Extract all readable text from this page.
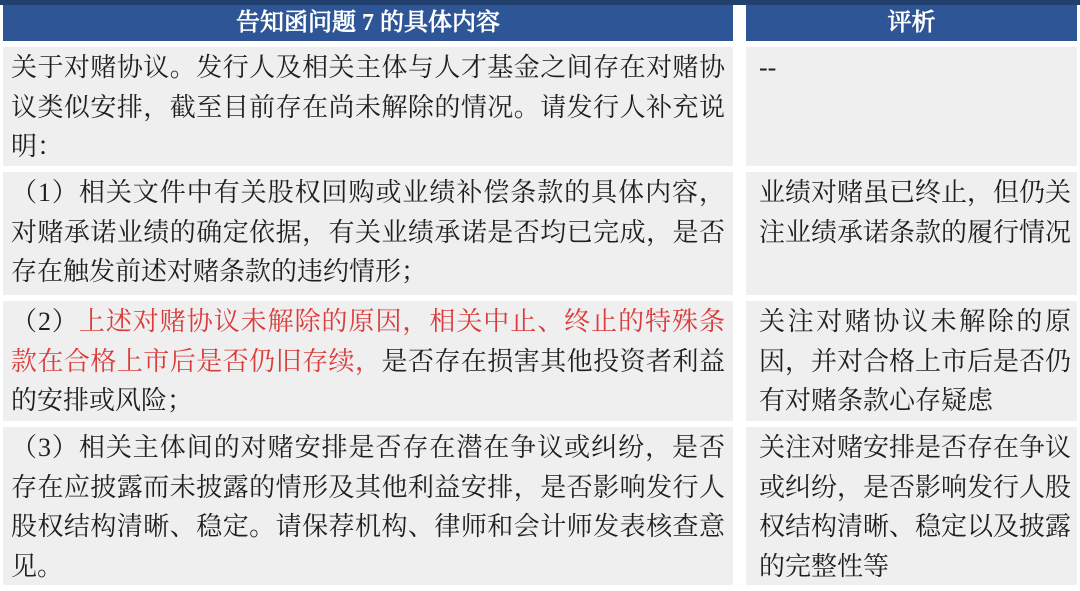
告知函问题 7 的具体内容	评析
关于对赌协议。发行人及相关主体与人才基金之间存在对赌协议类似安排，截至目前存在尚未解除的情况。请发行人补充说明：
--
（1）相关文件中有关股权回购或业绩补偿条款的具体内容，对赌承诺业绩的确定依据，有关业绩承诺是否均已完成，是否存在触发前述对赌条款的违约情形；
业绩对赌虽已终止，但仍关注业绩承诺条款的履行情况
（2）上述对赌协议未解除的原因，相关中止、终止的特殊条款在合格上市后是否仍旧存续，是否存在损害其他投资者利益的安排或风险；
关注对赌协议未解除的原因，并对合格上市后是否仍有对赌条款心存疑虑
（3）相关主体间的对赌安排是否存在潜在争议或纠纷，是否存在应披露而未披露的情形及其他利益安排，是否影响发行人股权结构清晰、稳定。请保荐机构、律师和会计师发表核查意见。
关注对赌安排是否存在争议或纠纷，是否影响发行人股权结构清晰、稳定以及披露的完整性等
